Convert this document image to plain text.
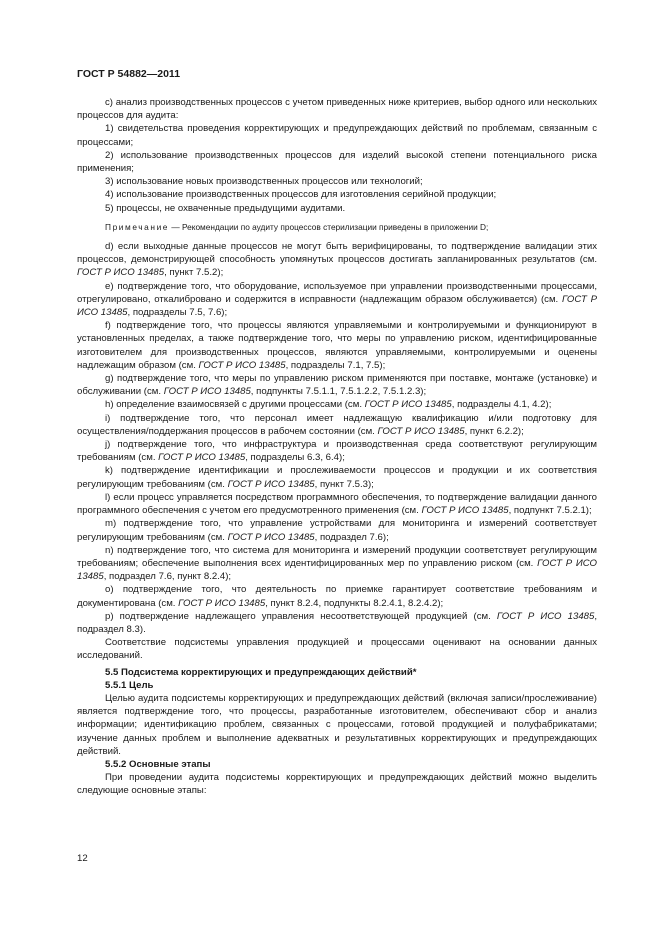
ГОСТ Р 54882—2011

c) анализ производственных процессов с учетом приведенных ниже критериев, выбор одного или нескольких процессов для аудита:

1) свидетельства проведения корректирующих и предупреждающих действий по проблемам, связанным с процессами;

2) использование производственных процессов для изделий высокой степени потенциального риска применения;

3) использование новых производственных процессов или технологий;

4) использование производственных процессов для изготовления серийной продукции;

5) процессы, не охваченные предыдущими аудитами.

Примечание — Рекомендации по аудиту процессов стерилизации приведены в приложении D;

d) если выходные данные процессов не могут быть верифицированы, то подтверждение валидации этих процессов, демонстрирующей способность упомянутых процессов достигать запланированных результатов (см. ГОСТ Р ИСО 13485, пункт 7.5.2);

e) подтверждение того, что оборудование, используемое при управлении производственными процессами, отрегулировано, откалибровано и содержится в исправности (надлежащим образом обслуживается) (см. ГОСТ Р ИСО 13485, подразделы 7.5, 7.6);

f) подтверждение того, что процессы являются управляемыми и контролируемыми и функционируют в установленных пределах, а также подтверждение того, что меры по управлению риском, идентифицированные изготовителем для производственных процессов, являются управляемыми, контролируемыми и оценены надлежащим образом (см. ГОСТ Р ИСО 13485, подразделы 7.1, 7.5);

g) подтверждение того, что меры по управлению риском применяются при поставке, монтаже (установке) и обслуживании (см. ГОСТ Р ИСО 13485, подпункты 7.5.1.1, 7.5.1.2.2, 7.5.1.2.3);

h) определение взаимосвязей с другими процессами (см. ГОСТ Р ИСО 13485, подразделы 4.1, 4.2);

i) подтверждение того, что персонал имеет надлежащую квалификацию и/или подготовку для осуществления/поддержания процессов в рабочем состоянии (см. ГОСТ Р ИСО 13485, пункт 6.2.2);

j) подтверждение того, что инфраструктура и производственная среда соответствуют регулирующим требованиям (см. ГОСТ Р ИСО 13485, подразделы 6.3, 6.4);

k) подтверждение идентификации и прослеживаемости процессов и продукции и их соответствия регулирующим требованиям (см. ГОСТ Р ИСО 13485, пункт 7.5.3);

l) если процесс управляется посредством программного обеспечения, то подтверждение валидации данного программного обеспечения с учетом его предусмотренного применения (см. ГОСТ Р ИСО 13485, подпункт 7.5.2.1);

m) подтверждение того, что управление устройствами для мониторинга и измерений соответствует регулирующим требованиям (см. ГОСТ Р ИСО 13485, подраздел 7.6);

n) подтверждение того, что система для мониторинга и измерений продукции соответствует регулирующим требованиям; обеспечение выполнения всех идентифицированных мер по управлению риском (см. ГОСТ Р ИСО 13485, подраздел 7.6, пункт 8.2.4);

o) подтверждение того, что деятельность по приемке гарантирует соответствие требованиям и документирована (см. ГОСТ Р ИСО 13485, пункт 8.2.4, подпункты 8.2.4.1, 8.2.4.2);

p) подтверждение надлежащего управления несоответствующей продукцией (см. ГОСТ Р ИСО 13485, подраздел 8.3).

Соответствие подсистемы управления продукцией и процессами оценивают на основании данных исследований.

5.5 Подсистема корректирующих и предупреждающих действий*
5.5.1 Цель

Целью аудита подсистемы корректирующих и предупреждающих действий (включая записи/прослеживание) является подтверждение того, что процессы, разработанные изготовителем, обеспечивают сбор и анализ информации; идентификацию проблем, связанных с процессами, готовой продукцией и полуфабрикатами; изучение данных проблем и выполнение адекватных и результативных корректирующих и предупреждающих действий.

5.5.2 Основные этапы

При проведении аудита подсистемы корректирующих и предупреждающих действий можно выделить следующие основные этапы:

12
